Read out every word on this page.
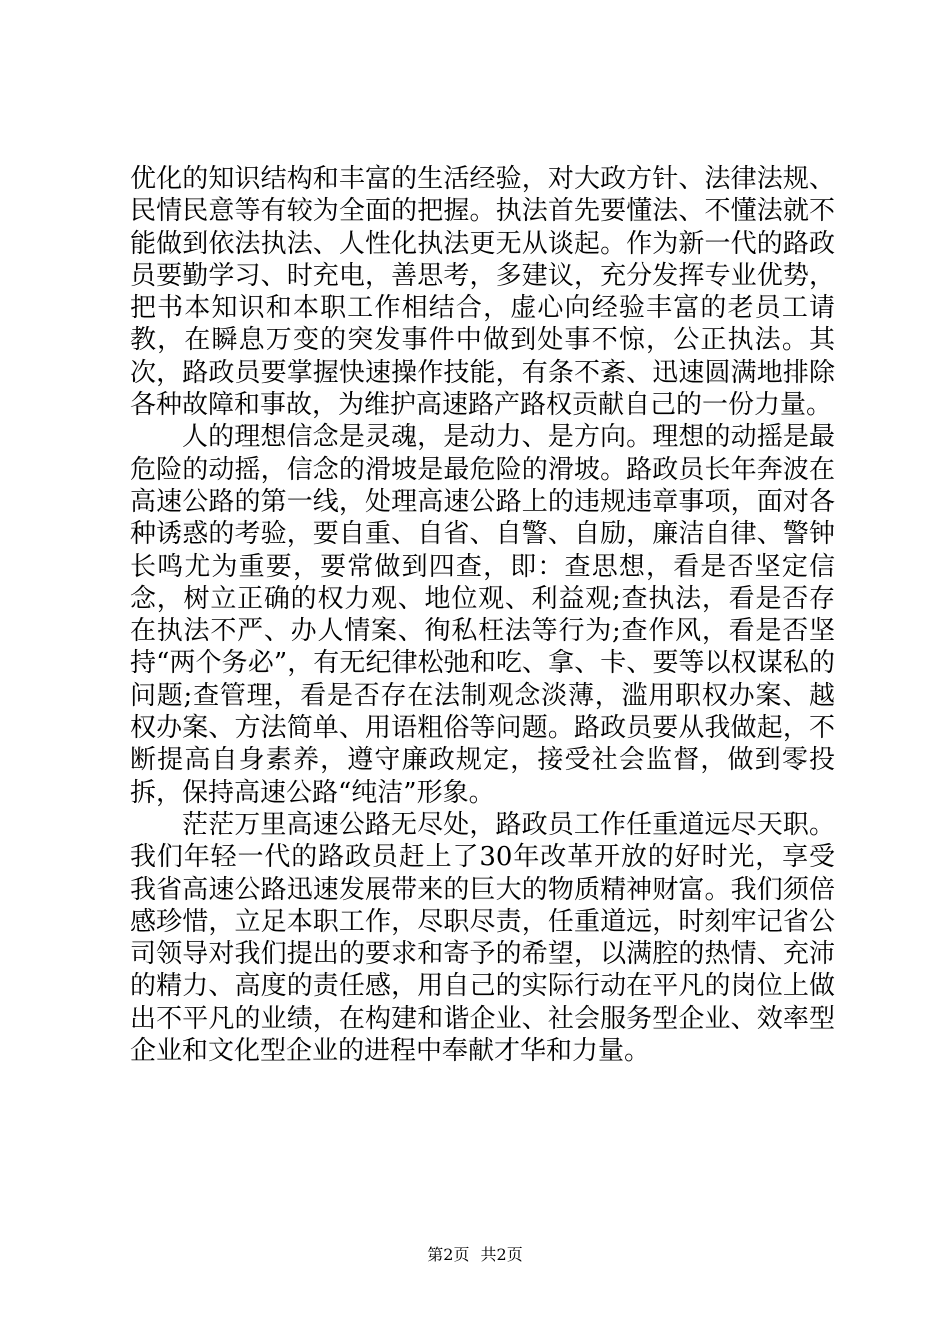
优化的知识结构和丰富的生活经验，对大政方针、法律法规、民情民意等有较为全面的把握。执法首先要懂法、不懂法就不能做到依法执法、人性化执法更无从谈起。作为新一代的路政员要勤学习、时充电，善思考，多建议，充分发挥专业优势，把书本知识和本职工作相结合，虚心向经验丰富的老员工请教，在瞬息万变的突发事件中做到处事不惊，公正执法。其次，路政员要掌握快速操作技能，有条不紊、迅速圆满地排除各种故障和事故，为维护高速路产路权贡献自己的一份力量。

人的理想信念是灵魂，是动力、是方向。理想的动摇是最危险的动摇，信念的滑坡是最危险的滑坡。路政员长年奔波在高速公路的第一线，处理高速公路上的违规违章事项，面对各种诱惑的考验，要自重、自省、自警、自励，廉洁自律、警钟长鸣尤为重要，要常做到四查，即：查思想，看是否坚定信念，树立正确的权力观、地位观、利益观;查执法，看是否存在执法不严、办人情案、徇私枉法等行为;查作风，看是否坚持“两个务必”，有无纪律松弛和吃、拿、卡、要等以权谋私的问题;查管理，看是否存在法制观念淡薄，滥用职权办案、越权办案、方法简单、用语粗俗等问题。路政员要从我做起，不断提高自身素养，遵守廉政规定，接受社会监督，做到零投拆，保持高速公路“纯洁”形象。

茫茫万里高速公路无尽处，路政员工作任重道远尽天职。我们年轻一代的路政员赶上了30年改革开放的好时光，享受我省高速公路迅速发展带来的巨大的物质精神财富。我们须倍感珍惜，立足本职工作，尽职尽责，任重道远，时刻牢记省公司领导对我们提出的要求和寄予的希望，以满腔的热情、充沛的精力、高度的责任感，用自己的实际行动在平凡的岗位上做出不平凡的业绩，在构建和谐企业、社会服务型企业、效率型企业和文化型企业的进程中奉献才华和力量。

第2页 共2页
